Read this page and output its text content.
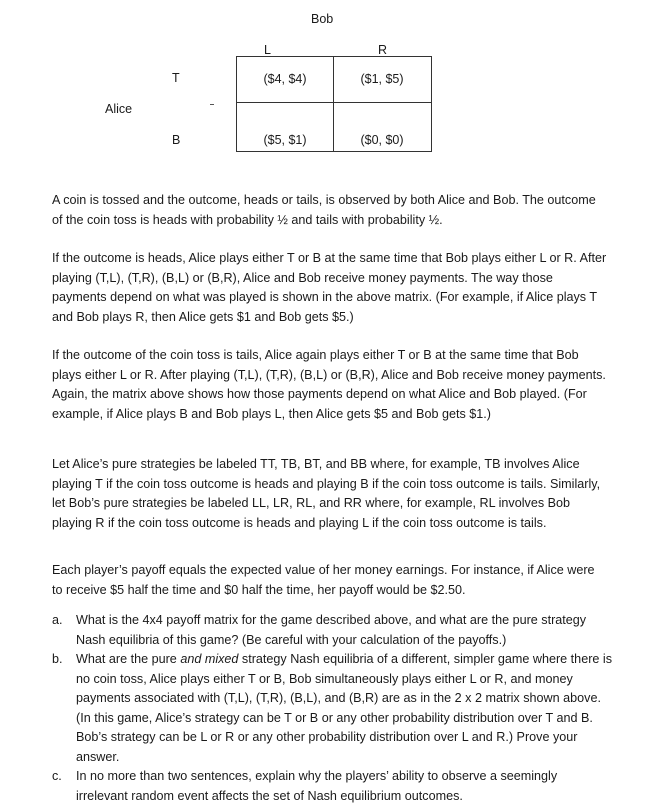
Bob
L	R
Alice
T
B
($4, $4)	($1, $5)
($5, $1)	($0, $0)

A coin is tossed and the outcome, heads or tails, is observed by both Alice and Bob. The outcome of the coin toss is heads with probability ½ and tails with probability ½.

If the outcome is heads, Alice plays either T or B at the same time that Bob plays either L or R. After playing (T,L), (T,R), (B,L) or (B,R), Alice and Bob receive money payments. The way those payments depend on what was played is shown in the above matrix. (For example, if Alice plays T and Bob plays R, then Alice gets $1 and Bob gets $5.)

If the outcome of the coin toss is tails, Alice again plays either T or B at the same time that Bob plays either L or R. After playing (T,L), (T,R), (B,L) or (B,R), Alice and Bob receive money payments. Again, the matrix above shows how those payments depend on what Alice and Bob played. (For example, if Alice plays B and Bob plays L, then Alice gets $5 and Bob gets $1.)

Let Alice’s pure strategies be labeled TT, TB, BT, and BB where, for example, TB involves Alice playing T if the coin toss outcome is heads and playing B if the coin toss outcome is tails. Similarly, let Bob’s pure strategies be labeled LL, LR, RL, and RR where, for example, RL involves Bob playing R if the coin toss outcome is heads and playing L if the coin toss outcome is tails.

Each player’s payoff equals the expected value of her money earnings. For instance, if Alice were to receive $5 half the time and $0 half the time, her payoff would be $2.50.

a. What is the 4x4 payoff matrix for the game described above, and what are the pure strategy Nash equilibria of this game? (Be careful with your calculation of the payoffs.)
b. What are the pure and mixed strategy Nash equilibria of a different, simpler game where there is no coin toss, Alice plays either T or B, Bob simultaneously plays either L or R, and money payments associated with (T,L), (T,R), (B,L), and (B,R) are as in the 2 x 2 matrix shown above. (In this game, Alice’s strategy can be T or B or any other probability distribution over T and B. Bob’s strategy can be L or R or any other probability distribution over L and R.) Prove your answer.
c. In no more than two sentences, explain why the players’ ability to observe a seemingly irrelevant random event affects the set of Nash equilibrium outcomes.
